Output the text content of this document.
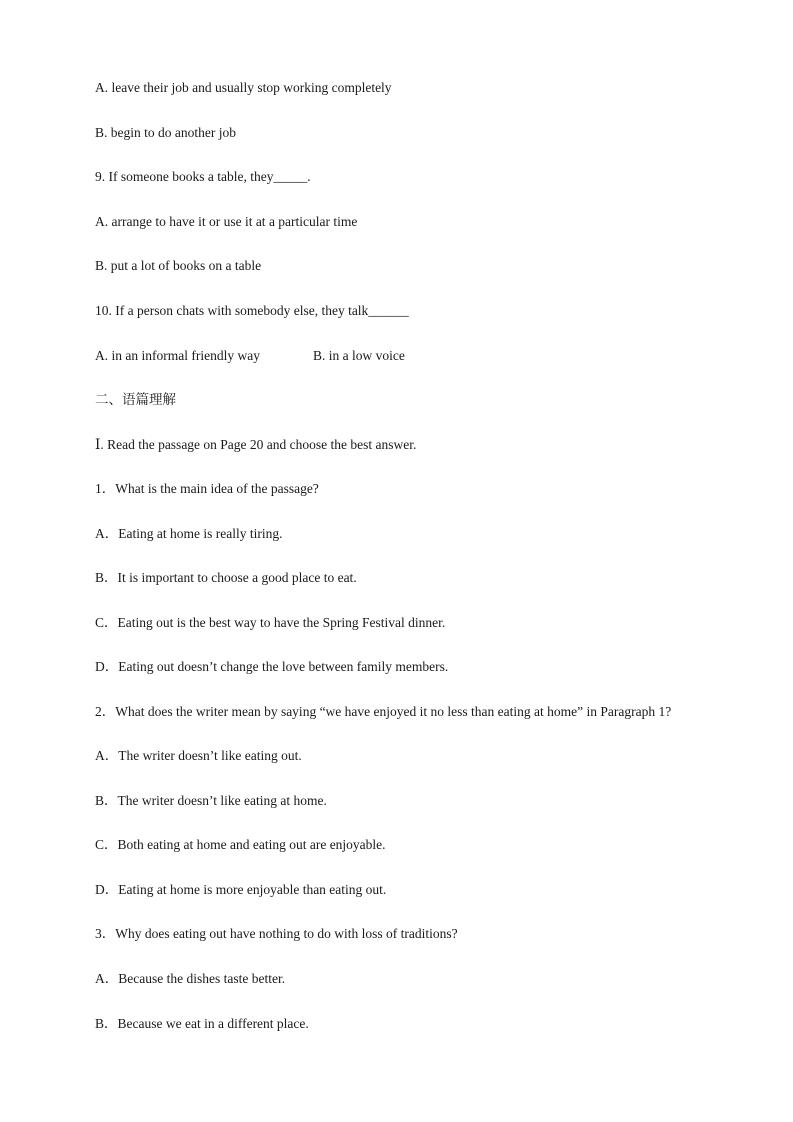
A. leave their job and usually stop working completely
B. begin to do another job
9. If someone books a table, they_____.
A. arrange to have it or use it at a particular time
B. put a lot of books on a table
10. If a person chats with somebody else, they talk______
A. in an informal friendly way	B. in a low voice
二、语篇理解
Ⅰ. Read the passage on Page 20 and choose the best answer.
1．What is the main idea of the passage?
A．Eating at home is really tiring.
B．It is important to choose a good place to eat.
C．Eating out is the best way to have the Spring Festival dinner.
D．Eating out doesn’t change the love between family members.
2．What does the writer mean by saying “we have enjoyed it no less than eating at home” in Paragraph 1?
A．The writer doesn’t like eating out.
B．The writer doesn’t like eating at home.
C．Both eating at home and eating out are enjoyable.
D．Eating at home is more enjoyable than eating out.
3．Why does eating out have nothing to do with loss of traditions?
A．Because the dishes taste better.
B．Because we eat in a different place.
